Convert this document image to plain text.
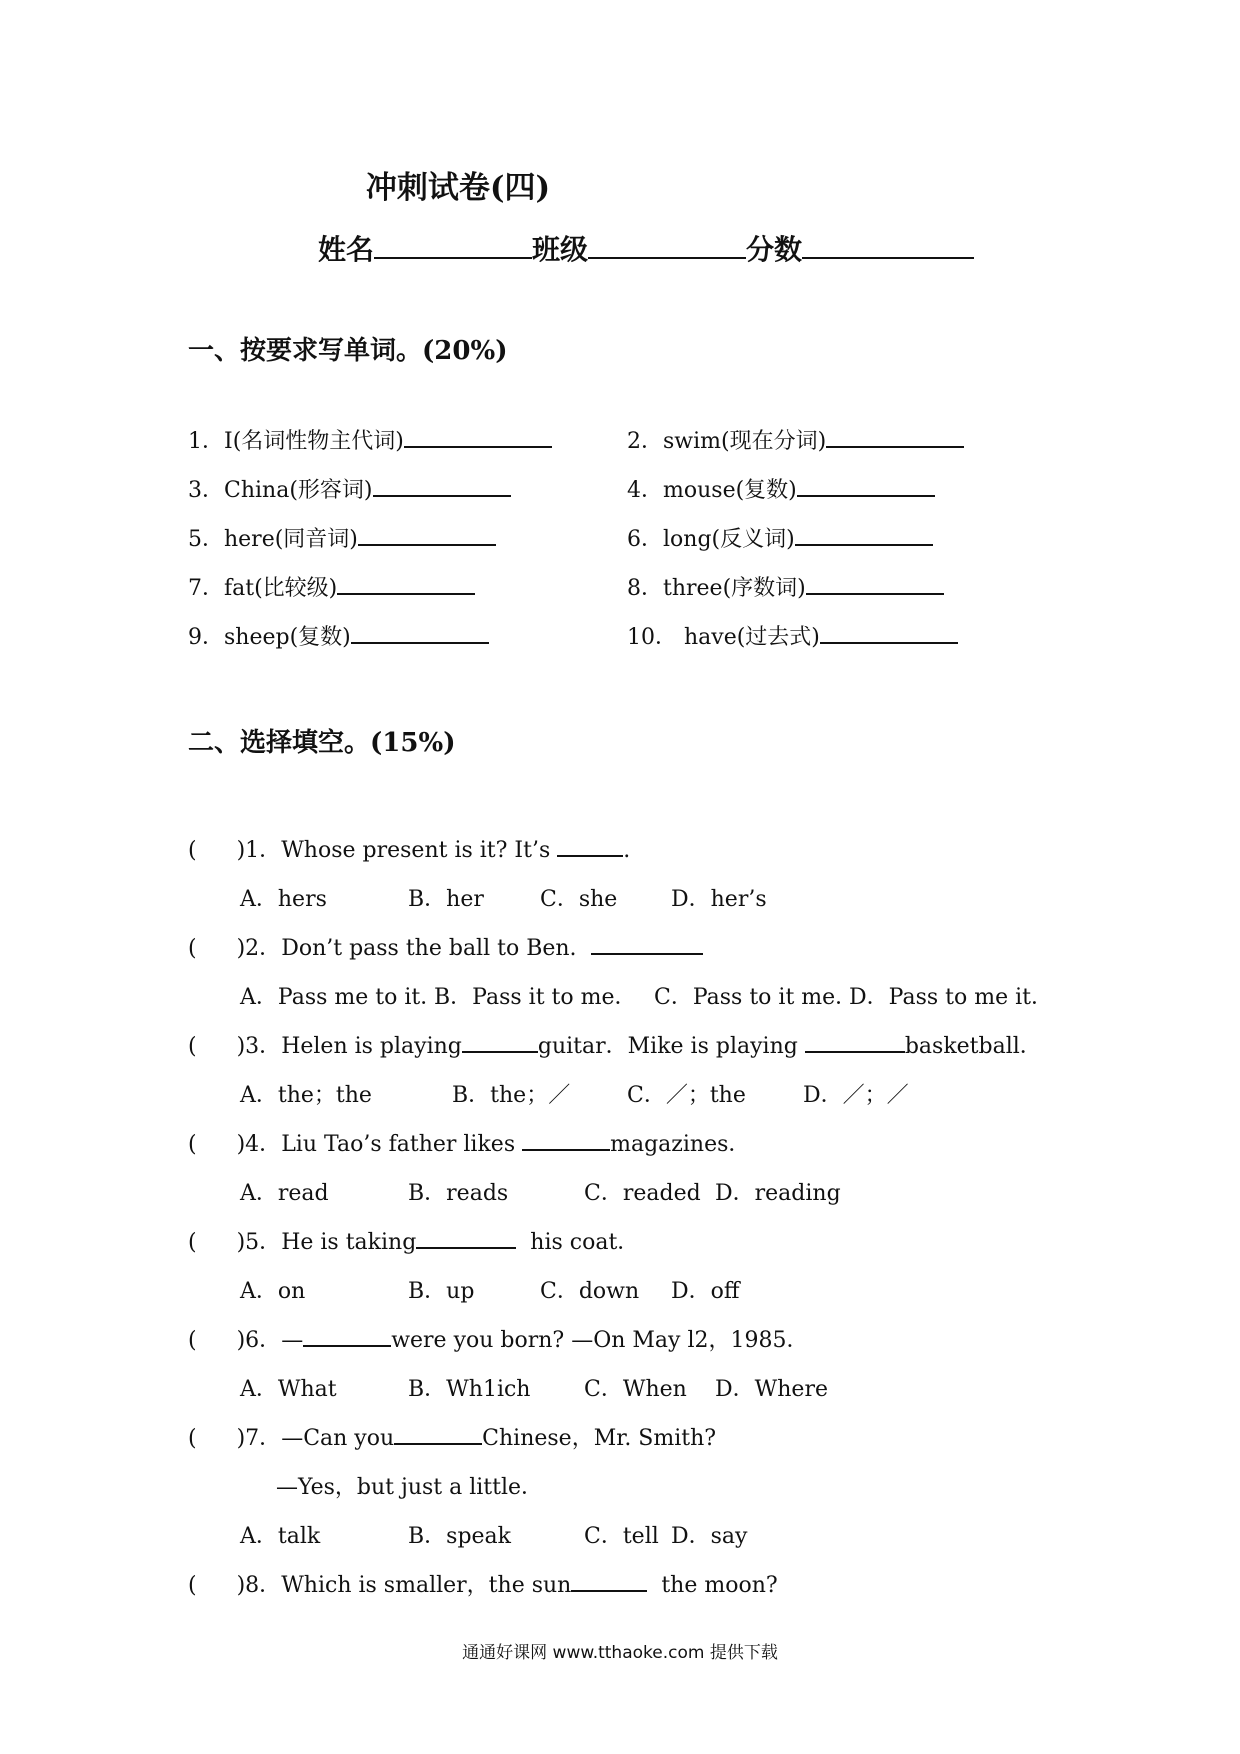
冲刺试卷(四)
姓名	班级	分数
一、按要求写单词。(20%)
1．I(名词性物主代词)	2．swim(现在分词)
3．China(形容词)	4．mouse(复数)
5．here(同音词)	6．long(反义词)
7．fat(比较级)	8．three(序数词)
9．sheep(复数)	10． have(过去式)
二、选择填空。(15%)
( )1．Whose present is it? It’s	.
A．hers	B．her	C．she D．her’s
( )2．Don’t pass the ball to Ben.
A．Pass me to it．
B．Pass it to me． C．Pass to it me．
D．Pass to me it．
( )3．Helen is playing	guitar．Mike is playing	basketball．
A．the；the	B．the；／	C．／；the	D．／；／
( )4．Liu Tao’s father likes	magazines．
A．read	B．reads	C．readed D．reading
( )5．He is taking	his coat．
A．on	B．up	C．down D．off
( )6．—	were you born? —On May l2，1985．
A．What	B．Wh1ich C．When D．Where
( )7．—Can you	Chinese，Mr. Smith?
—Yes，but just a little．
A．talk	B．speak	C．tell D．say
( )8．Which is smaller，the sun	the moon?
通通好课网 www.tthaoke.com 提供下载
